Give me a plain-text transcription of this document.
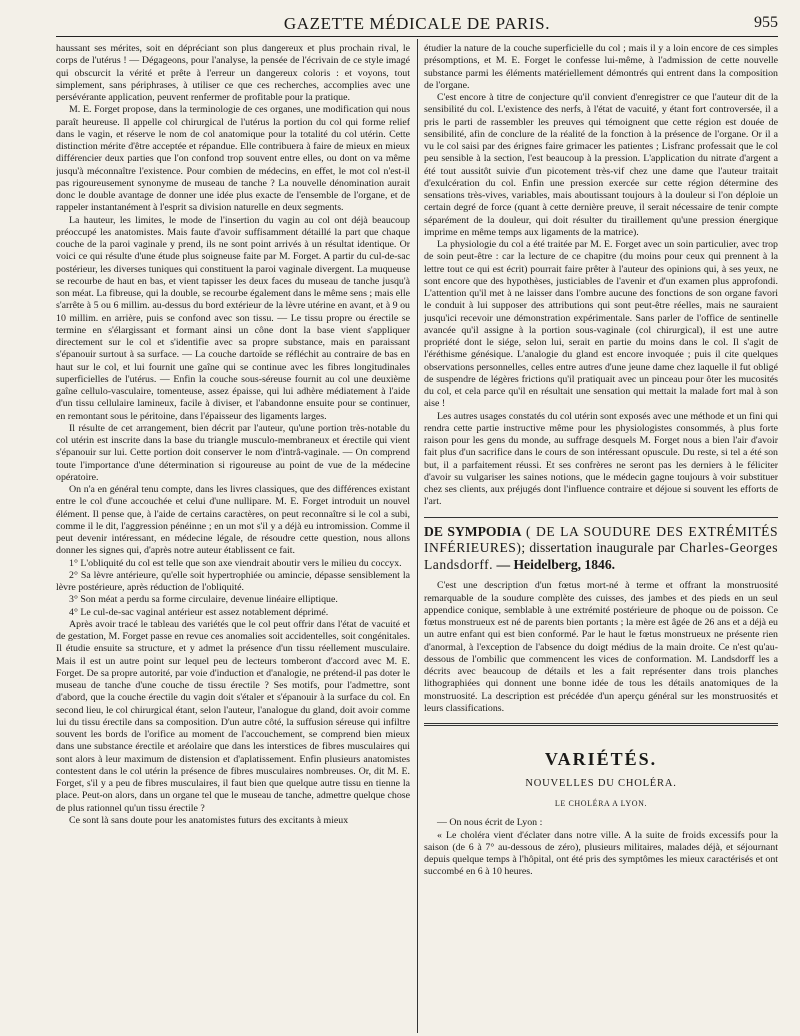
GAZETTE MÉDICALE DE PARIS.	955

haussant ses mérites, soit en dépréciant son plus dangereux et plus prochain rival, le corps de l'utérus ! — Dégageons, pour l'analyse, la pensée de l'écrivain de ce style imagé qui obscurcit la vérité et prête à l'erreur un dangereux coloris : et voyons, tout simplement, sans périphrases, à utiliser ce que ces recherches, accomplies avec une persévérante application, peuvent renfermer de profitable pour la pratique.

M. E. Forget propose, dans la terminologie de ces organes, une modification qui nous paraît heureuse. Il appelle col chirurgical de l'utérus la portion du col qui forme relief dans le vagin, et réserve le nom de col anatomique pour la totalité du col utérin. Cette distinction mérite d'être acceptée et répandue. Elle contribuera à faire de mieux en mieux différencier deux parties que l'on confond trop souvent entre elles, ou dont on va même jusqu'à méconnaître l'existence. Pour combien de médecins, en effet, le mot col n'est-il pas rigoureusement synonyme de museau de tanche ? La nouvelle dénomination aurait donc le double avantage de donner une idée plus exacte de l'ensemble de l'organe, et de rappeler instantanément à l'esprit sa division naturelle en deux segments.

La hauteur, les limites, le mode de l'insertion du vagin au col ont déjà beaucoup préoccupé les anatomistes. Mais faute d'avoir suffisamment détaillé la part que chaque couche de la paroi vaginale y prend, ils ne sont point arrivés à un résultat identique. Or voici ce qui résulte d'une étude plus soigneuse faite par M. Forget. A partir du cul-de-sac postérieur, les diverses tuniques qui constituent la paroi vaginale divergent. La muqueuse se recourbe de haut en bas, et vient tapisser les deux faces du museau de tanche jusqu'à son méat. La fibreuse, qui la double, se recourbe également dans le même sens ; mais elle s'arrête à 5 ou 6 millim. au-dessus du bord extérieur de la lèvre utérine en avant, et à 9 ou 10 millim. en arrière, puis se confond avec son tissu. — Le tissu propre ou érectile se termine en s'élargissant et formant ainsi un cône dont la base vient s'appliquer directement sur le col et s'identifie avec sa propre substance, mais en paraissant s'épanouir surtout à sa surface. — La couche dartoïde se réfléchit au contraire de bas en haut sur le col, et lui fournit une gaîne qui se continue avec les fibres longitudinales superficielles de l'utérus. — Enfin la couche sous-séreuse fournit au col une deuxième gaîne cellulo-vasculaire, tomenteuse, assez épaisse, qui lui adhère médiatement à l'aide d'un tissu cellulaire lamineux, facile à diviser, et l'abandonne ensuite pour se continuer, en remontant sous le péritoine, dans l'épaisseur des ligaments larges.

Il résulte de cet arrangement, bien décrit par l'auteur, qu'une portion très-notable du col utérin est inscrite dans la base du triangle musculo-membraneux et érectile qui vient s'épanouir sur lui. Cette portion doit conserver le nom d'intrâ-vaginale. — On comprend toute l'importance d'une détermination si rigoureuse au point de vue de la médecine opératoire.

On n'a en général tenu compte, dans les livres classiques, que des différences existant entre le col d'une accouchée et celui d'une nullipare. M. E. Forget introduit un nouvel élément. Il pense que, à l'aide de certains caractères, on peut reconnaître si le col a subi, comme il le dit, l'aggression pénéinne ; en un mot s'il y a déjà eu intromission. Comme il peut devenir intéressant, en médecine légale, de résoudre cette question, nous allons donner les signes qui, d'après notre auteur établissent ce fait.

1° L'obliquité du col est telle que son axe viendrait aboutir vers le milieu du coccyx.

2° Sa lèvre antérieure, qu'elle soit hypertrophiée ou amincie, dépasse sensiblement la lèvre postérieure, après réduction de l'obliquité.

3° Son méat a perdu sa forme circulaire, devenue linéaire elliptique.

4° Le cul-de-sac vaginal antérieur est assez notablement déprimé.

Après avoir tracé le tableau des variétés que le col peut offrir dans l'état de vacuité et de gestation, M. Forget passe en revue ces anomalies soit accidentelles, soit congénitales. Il étudie ensuite sa structure, et y admet la présence d'un tissu réellement musculaire. Mais il est un autre point sur lequel peu de lecteurs tomberont d'accord avec M. E. Forget. De sa propre autorité, par voie d'induction et d'analogie, ne prétend-il pas doter le museau de tanche d'une couche de tissu érectile ? Ses motifs, pour l'admettre, sont d'abord, que la couche érectile du vagin doit s'étaler et s'épanouir à la surface du col. En second lieu, le col chirurgical étant, selon l'auteur, l'analogue du gland, doit avoir comme lui du tissu érectile dans sa composition. D'un autre côté, la suffusion séreuse qui infiltre souvent les bords de l'orifice au moment de l'accouchement, se comprend bien mieux dans une substance érectile et aréolaire que dans les interstices de fibres musculaires qui sont alors à leur maximum de distension et d'aplatissement. Enfin plusieurs anatomistes contestent dans le col utérin la présence de fibres musculaires nombreuses. Or, dit M. E. Forget, s'il y a peu de fibres musculaires, il faut bien que quelque autre tissu en tienne la place. Peut-on alors, dans un organe tel que le museau de tanche, admettre quelque chose de plus rationnel qu'un tissu érectile ?

Ce sont là sans doute pour les anatomistes futurs des excitants à mieux

étudier la nature de la couche superficielle du col ; mais il y a loin encore de ces simples présomptions, et M. E. Forget le confesse lui-même, à l'admission de cette nouvelle substance parmi les éléments matériellement démontrés qui entrent dans la composition de l'organe.

C'est encore à titre de conjecture qu'il convient d'enregistrer ce que l'auteur dit de la sensibilité du col. L'existence des nerfs, à l'état de vacuité, y étant fort controversée, il a pris le parti de rassembler les preuves qui témoignent que cette région est douée de sensibilité, afin de conclure de la réalité de la fonction à la présence de l'organe. Or il a vu le col saisi par des érignes faire grimacer les patientes ; Lisfranc professait que le col peu sensible à la section, l'est beaucoup à la pression. L'application du nitrate d'argent a été tout aussitôt suivie d'un picotement très-vif chez une dame que l'auteur traitait d'exulcération du col. Enfin une pression exercée sur cette région détermine des sensations très-vives, variables, mais aboutissant toujours à la douleur si l'on déploie un certain degré de force (quant à cette dernière preuve, il serait nécessaire de tenir compte séparément de la douleur, qui doit résulter du tiraillement qu'une pression énergique imprime en même temps aux ligaments de la matrice).

La physiologie du col a été traitée par M. E. Forget avec un soin particulier, avec trop de soin peut-être : car la lecture de ce chapitre (du moins pour ceux qui prennent à la lettre tout ce qui est écrit) pourrait faire prêter à l'auteur des opinions qui, à ses yeux, ne sont encore que des hypothèses, justiciables de l'avenir et d'un examen plus approfondi. L'attention qu'il met à ne laisser dans l'ombre aucune des fonctions de son organe favori le conduit à lui supposer des attributions qui sont peut-être réelles, mais ne sauraient jusqu'ici recevoir une démonstration expérimentale. Sans parler de l'office de sentinelle avancée qu'il assigne à la portion sous-vaginale (col chirurgical), il est une autre propriété dont le siége, selon lui, serait en partie du moins dans le col. Il s'agit de l'éréthisme génésique. L'analogie du gland est encore invoquée ; puis il cite quelques observations personnelles, celles entre autres d'une jeune dame chez laquelle il fut obligé de suspendre de légères frictions qu'il pratiquait avec un pinceau pour ôter les mucosités du col, et cela parce qu'il en résultait une sensation qui mettait la malade fort mal à son aise !

Les autres usages constatés du col utérin sont exposés avec une méthode et un fini qui rendra cette partie instructive même pour les physiologistes consommés, à plus forte raison pour les gens du monde, au suffrage desquels M. Forget nous a bien l'air d'avoir fait plus d'un sacrifice dans le cours de son intéressant opuscule. Du reste, si tel a été son but, il a parfaitement réussi. Et ses confrères ne seront pas les derniers à le féliciter d'avoir su vulgariser les saines notions, que le médecin gagne toujours à voir substituer chez ses clients, aux préjugés dont l'influence contraire et déjoue si souvent les efforts de l'art.

DE SYMPODIA ( DE LA SOUDURE DES EXTRÉMITÉS INFÉRIEURES); dissertation inaugurale par Charles-Georges Landsdorff. — Heidelberg, 1846.

C'est une description d'un fœtus mort-né à terme et offrant la monstruosité remarquable de la soudure complète des cuisses, des jambes et des pieds en un seul appendice conique, semblable à une extrémité postérieure de phoque ou de poisson. Ce fœtus monstrueux est né de parents bien portants ; la mère est âgée de 26 ans et a déjà eu un autre enfant qui est bien conformé. Par le haut le fœtus monstrueux ne présente rien d'anormal, à l'exception de l'absence du doigt médius de la main droite. Ce n'est qu'au-dessous de l'ombilic que commencent les vices de conformation. M. Landsdorff les a décrits avec beaucoup de détails et les a fait représenter dans trois planches lithographiées qui donnent une bonne idée de tous les détails anatomiques de la monstruosité. La description est précédée d'un aperçu général sur les monstruosités et leurs classifications.

VARIÉTÉS.
NOUVELLES DU CHOLÉRA.
LE CHOLÉRA A LYON.

— On nous écrit de Lyon :

« Le choléra vient d'éclater dans notre ville. A la suite de froids excessifs pour la saison (de 6 à 7° au-dessous de zéro), plusieurs militaires, malades déjà, et séjournant depuis quelque temps à l'hôpital, ont été pris des symptômes les mieux caractérisés et ont succombé en 6 à 10 heures.
